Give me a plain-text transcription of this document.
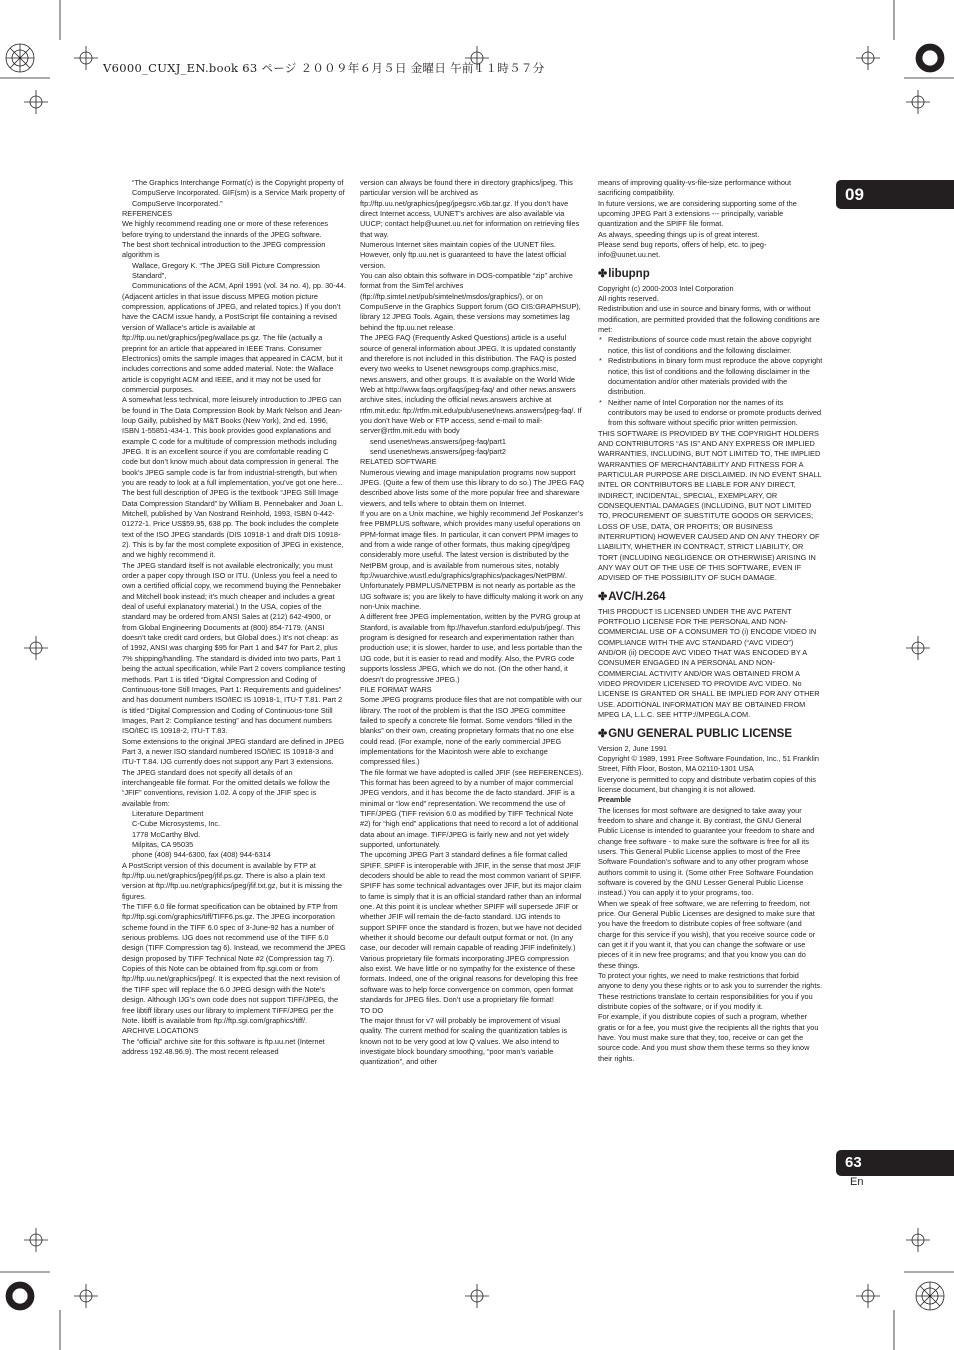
V6000_CUXJ_EN.book 63 ページ ２００９年６月５日 金曜日 午前１１時５７分
09

“The Graphics Interchange Format(c) is the Copyright property of CompuServe Incorporated. GIF(sm) is a Service Mark property of CompuServe Incorporated.”

REFERENCES

We highly recommend reading one or more of these references before trying to understand the innards of the JPEG software.

The best short technical introduction to the JPEG compression algorithm is

Wallace, Gregory K. “The JPEG Still Picture Compression Standard”,

Communications of the ACM, April 1991 (vol. 34 no. 4), pp. 30-44.

(Adjacent articles in that issue discuss MPEG motion picture compression, applications of JPEG, and related topics.) If you don’t have the CACM issue handy, a PostScript file containing a revised version of Wallace’s article is available at ftp://ftp.uu.net/graphics/jpeg/wallace.ps.gz. The file (actually a preprint for an article that appeared in IEEE Trans. Consumer Electronics) omits the sample images that appeared in CACM, but it includes corrections and some added material. Note: the Wallace article is copyright ACM and IEEE, and it may not be used for commercial purposes.

A somewhat less technical, more leisurely introduction to JPEG can be found in The Data Compression Book by Mark Nelson and Jean-loup Gailly, published by M&T Books (New York), 2nd ed. 1996, ISBN 1-55851-434-1. This book provides good explanations and example C code for a multitude of compression methods including JPEG. It is an excellent source if you are comfortable reading C code but don’t know much about data compression in general. The book’s JPEG sample code is far from industrial-strength, but when you are ready to look at a full implementation, you’ve got one here...

The best full description of JPEG is the textbook “JPEG Still Image Data Compression Standard” by William B. Pennebaker and Joan L. Mitchell, published by Van Nostrand Reinhold, 1993, ISBN 0-442-01272-1. Price US$59.95, 638 pp. The book includes the complete text of the ISO JPEG standards (DIS 10918-1 and draft DIS 10918-2). This is by far the most complete exposition of JPEG in existence, and we highly recommend it.

The JPEG standard itself is not available electronically; you must order a paper copy through ISO or ITU. (Unless you feel a need to own a certified official copy, we recommend buying the Pennebaker and Mitchell book instead; it’s much cheaper and includes a great deal of useful explanatory material.) In the USA, copies of the standard may be ordered from ANSI Sales at (212) 642-4900, or from Global Engineering Documents at (800) 854-7179. (ANSI doesn’t take credit card orders, but Global does.) It’s not cheap: as of 1992, ANSI was charging $95 for Part 1 and $47 for Part 2, plus 7% shipping/handling. The standard is divided into two parts, Part 1 being the actual specification, while Part 2 covers compliance testing methods. Part 1 is titled “Digital Compression and Coding of Continuous-tone Still Images, Part 1: Requirements and guidelines” and has document numbers ISO/IEC IS 10918-1, ITU-T T.81. Part 2 is titled “Digital Compression and Coding of Continuous-tone Still Images, Part 2: Compliance testing” and has document numbers ISO/IEC IS 10918-2, ITU-T T.83.

Some extensions to the original JPEG standard are defined in JPEG Part 3, a newer ISO standard numbered ISO/IEC IS 10918-3 and ITU-T T.84. IJG currently does not support any Part 3 extensions.

The JPEG standard does not specify all details of an interchangeable file format. For the omitted details we follow the “JFIF” conventions, revision 1.02. A copy of the JFIF spec is available from:

Literature Department

C-Cube Microsystems, Inc.

1778 McCarthy Blvd.

Milpitas, CA 95035

phone (408) 944-6300, fax (408) 944-6314

A PostScript version of this document is available by FTP at ftp://ftp.uu.net/graphics/jpeg/jfif.ps.gz. There is also a plain text version at ftp://ftp.uu.net/graphics/jpeg/jfif.txt.gz, but it is missing the figures.

The TIFF 6.0 file format specification can be obtained by FTP from ftp://ftp.sgi.com/graphics/tiff/TIFF6.ps.gz. The JPEG incorporation scheme found in the TIFF 6.0 spec of 3-June-92 has a number of serious problems. IJG does not recommend use of the TIFF 6.0 design (TIFF Compression tag 6). Instead, we recommend the JPEG design proposed by TIFF Technical Note #2 (Compression tag 7). Copies of this Note can be obtained from ftp.sgi.com or from ftp://ftp.uu.net/graphics/jpeg/. It is expected that the next revision of the TIFF spec will replace the 6.0 JPEG design with the Note’s design. Although IJG’s own code does not support TIFF/JPEG, the free libtiff library uses our library to implement TIFF/JPEG per the Note. libtiff is available from ftp://ftp.sgi.com/graphics/tiff/.

ARCHIVE LOCATIONS

The “official” archive site for this software is ftp.uu.net (Internet address 192.48.96.9). The most recent released

version can always be found there in directory graphics/jpeg. This particular version will be archived as ftp://ftp.uu.net/graphics/jpeg/jpegsrc.v6b.tar.gz. If you don’t have direct Internet access, UUNET’s archives are also available via UUCP; contact help@uunet.uu.net for information on retrieving files that way.

Numerous Internet sites maintain copies of the UUNET files. However, only ftp.uu.net is guaranteed to have the latest official version.

You can also obtain this software in DOS-compatible “zip” archive format from the SimTel archives (ftp://ftp.simtel.net/pub/simtelnet/msdos/graphics/), or on CompuServe in the Graphics Support forum (GO CIS:GRAPHSUP), library 12 JPEG Tools. Again, these versions may sometimes lag behind the ftp.uu.net release.

The JPEG FAQ (Frequently Asked Questions) article is a useful source of general information about JPEG. It is updated constantly and therefore is not included in this distribution. The FAQ is posted every two weeks to Usenet newsgroups comp.graphics.misc, news.answers, and other groups. It is available on the World Wide Web at http://www.faqs.org/faqs/jpeg-faq/ and other news.answers archive sites, including the official news.answers archive at rtfm.mit.edu: ftp://rtfm.mit.edu/pub/usenet/news.answers/jpeg-faq/. If you don’t have Web or FTP access, send e-mail to mail-server@rtfm.mit.edu with body

send usenet/news.answers/jpeg-faq/part1

send usenet/news.answers/jpeg-faq/part2

RELATED SOFTWARE

Numerous viewing and image manipulation programs now support JPEG. (Quite a few of them use this library to do so.) The JPEG FAQ described above lists some of the more popular free and shareware viewers, and tells where to obtain them on Internet.

If you are on a Unix machine, we highly recommend Jef Poskanzer’s free PBMPLUS software, which provides many useful operations on PPM-format image files. In particular, it can convert PPM images to and from a wide range of other formats, thus making cjpeg/djpeg considerably more useful. The latest version is distributed by the NetPBM group, and is available from numerous sites, notably ftp://wuarchive.wustl.edu/graphics/graphics/packages/NetPBM/. Unfortunately PBMPLUS/NETPBM is not nearly as portable as the IJG software is; you are likely to have difficulty making it work on any non-Unix machine.

A different free JPEG implementation, written by the PVRG group at Stanford, is available from ftp://havefun.stanford.edu/pub/jpeg/. This program is designed for research and experimentation rather than production use; it is slower, harder to use, and less portable than the IJG code, but it is easier to read and modify. Also, the PVRG code supports lossless JPEG, which we do not. (On the other hand, it doesn’t do progressive JPEG.)

FILE FORMAT WARS

Some JPEG programs produce files that are not compatible with our library. The root of the problem is that the ISO JPEG committee failed to specify a concrete file format. Some vendors “filled in the blanks” on their own, creating proprietary formats that no one else could read. (For example, none of the early commercial JPEG implementations for the Macintosh were able to exchange compressed files.)

The file format we have adopted is called JFIF (see REFERENCES). This format has been agreed to by a number of major commercial JPEG vendors, and it has become the de facto standard. JFIF is a minimal or “low end” representation. We recommend the use of TIFF/JPEG (TIFF revision 6.0 as modified by TIFF Technical Note #2) for “high end” applications that need to record a lot of additional data about an image. TIFF/JPEG is fairly new and not yet widely supported, unfortunately.

The upcoming JPEG Part 3 standard defines a file format called SPIFF. SPIFF is interoperable with JFIF, in the sense that most JFIF decoders should be able to read the most common variant of SPIFF. SPIFF has some technical advantages over JFIF, but its major claim to fame is simply that it is an official standard rather than an informal one. At this point it is unclear whether SPIFF will supersede JFIF or whether JFIF will remain the de-facto standard. IJG intends to support SPIFF once the standard is frozen, but we have not decided whether it should become our default output format or not. (In any case, our decoder will remain capable of reading JFIF indefinitely.)

Various proprietary file formats incorporating JPEG compression also exist. We have little or no sympathy for the existence of these formats. Indeed, one of the original reasons for developing this free software was to help force convergence on common, open format standards for JPEG files. Don’t use a proprietary file format!

TO DO

The major thrust for v7 will probably be improvement of visual quality. The current method for scaling the quantization tables is known not to be very good at low Q values. We also intend to investigate block boundary smoothing, “poor man’s variable quantization”, and other

means of improving quality-vs-file-size performance without sacrificing compatibility.

In future versions, we are considering supporting some of the upcoming JPEG Part 3 extensions --- principally, variable quantization and the SPIFF file format.

As always, speeding things up is of great interest.

Please send bug reports, offers of help, etc. to jpeg-info@uunet.uu.net.

✤libupnp

Copyright (c) 2000-2003 Intel Corporation

All rights reserved.

Redistribution and use in source and binary forms, with or without modification, are permitted provided that the following conditions are met:

* Redistributions of source code must retain the above copyright notice, this list of conditions and the following disclaimer.

* Redistributions in binary form must reproduce the above copyright notice, this list of conditions and the following disclaimer in the documentation and/or other materials provided with the distribution.

* Neither name of Intel Corporation nor the names of its contributors may be used to endorse or promote products derived from this software without specific prior written permission.

THIS SOFTWARE IS PROVIDED BY THE COPYRIGHT HOLDERS AND CONTRIBUTORS “AS IS” AND ANY EXPRESS OR IMPLIED WARRANTIES, INCLUDING, BUT NOT LIMITED TO, THE IMPLIED WARRANTIES OF MERCHANTABILITY AND FITNESS FOR A PARTICULAR PURPOSE ARE DISCLAIMED. IN NO EVENT SHALL INTEL OR CONTRIBUTORS BE LIABLE FOR ANY DIRECT, INDIRECT, INCIDENTAL, SPECIAL, EXEMPLARY, OR CONSEQUENTIAL DAMAGES (INCLUDING, BUT NOT LIMITED TO, PROCUREMENT OF SUBSTITUTE GOODS OR SERVICES; LOSS OF USE, DATA, OR PROFITS; OR BUSINESS INTERRUPTION) HOWEVER CAUSED AND ON ANY THEORY OF LIABILITY, WHETHER IN CONTRACT, STRICT LIABILITY, OR TORT (INCLUDING NEGLIGENCE OR OTHERWISE) ARISING IN ANY WAY OUT OF THE USE OF THIS SOFTWARE, EVEN IF ADVISED OF THE POSSIBILITY OF SUCH DAMAGE.

✤AVC/H.264

THIS PRODUCT IS LICENSED UNDER THE AVC PATENT PORTFOLIO LICENSE FOR THE PERSONAL AND NON-COMMERCIAL USE OF A CONSUMER TO (i) ENCODE VIDEO IN COMPLIANCE WITH THE AVC STANDARD (“AVC VIDEO”) AND/OR (ii) DECODE AVC VIDEO THAT WAS ENCODED BY A CONSUMER ENGAGED IN A PERSONAL AND NON-COMMERCIAL ACTIVITY AND/OR WAS OBTAINED FROM A VIDEO PROVIDER LICENSED TO PROVIDE AVC VIDEO. No LICENSE IS GRANTED OR SHALL BE IMPLIED FOR ANY OTHER USE. ADDITIONAL INFORMATION MAY BE OBTAINED FROM MPEG LA, L.L.C. SEE HTTP://MPEGLA.COM.

✤GNU GENERAL PUBLIC LICENSE

Version 2, June 1991

Copyright © 1989, 1991 Free Software Foundation, Inc., 51 Franklin Street, Fifth Floor, Boston, MA 02110-1301 USA

Everyone is permitted to copy and distribute verbatim copies of this license document, but changing it is not allowed.

Preamble

The licenses for most software are designed to take away your freedom to share and change it. By contrast, the GNU General Public License is intended to guarantee your freedom to share and change free software - to make sure the software is free for all its users. This General Public License applies to most of the Free Software Foundation’s software and to any other program whose authors commit to using it. (Some other Free Software Foundation software is covered by the GNU Lesser General Public License instead.) You can apply it to your programs, too.

When we speak of free software, we are referring to freedom, not price. Our General Public Licenses are designed to make sure that you have the freedom to distribute copies of free software (and charge for this service if you wish), that you receive source code or can get it if you want it, that you can change the software or use pieces of it in new free programs; and that you know you can do these things.

To protect your rights, we need to make restrictions that forbid anyone to deny you these rights or to ask you to surrender the rights. These restrictions translate to certain responsibilities for you if you distribute copies of the software, or if you modify it.

For example, if you distribute copies of such a program, whether gratis or for a fee, you must give the recipients all the rights that you have. You must make sure that they, too, receive or can get the source code. And you must show them these terms so they know their rights.

63
En
